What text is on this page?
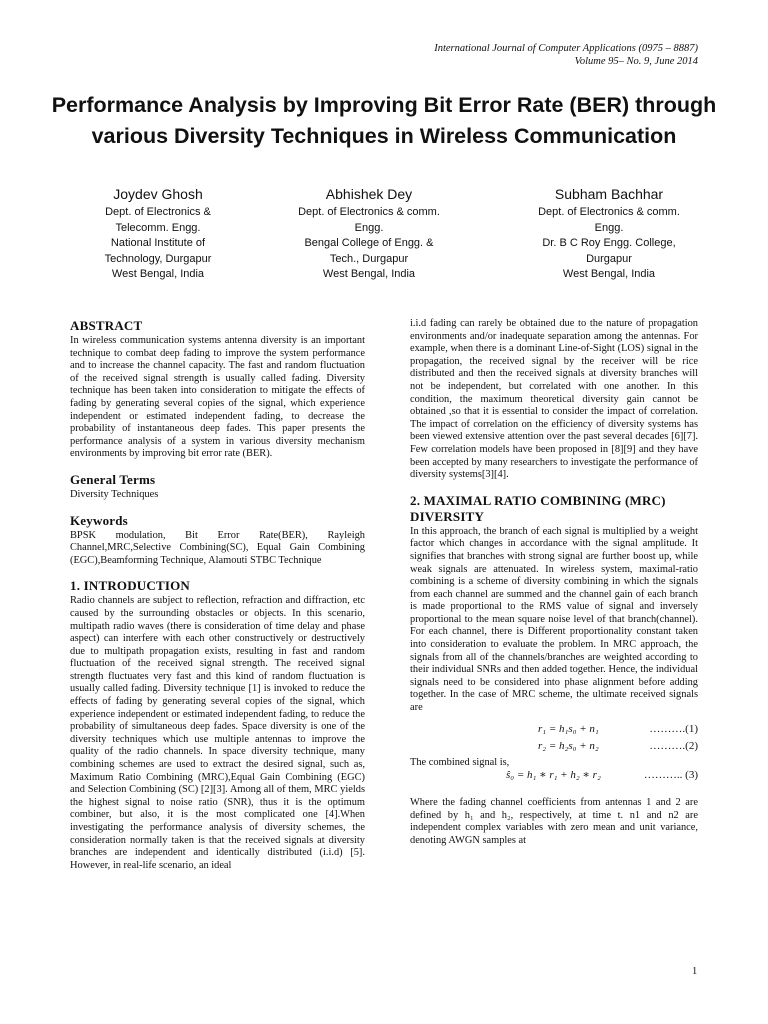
International Journal of Computer Applications (0975 – 8887)
Volume 95– No. 9, June 2014
Performance Analysis by Improving Bit Error Rate (BER) through various Diversity Techniques in Wireless Communication
Joydev Ghosh
Dept. of Electronics &
Telecomm. Engg.
National Institute of
Technology, Durgapur
West Bengal, India
Abhishek Dey
Dept. of Electronics & comm.
Engg.
Bengal College of Engg. &
Tech., Durgapur
West Bengal, India
Subham Bachhar
Dept. of Electronics & comm.
Engg.
Dr. B C Roy Engg. College,
Durgapur
West Bengal, India
ABSTRACT

In wireless communication systems antenna diversity is an important technique to combat deep fading to improve the system performance and to increase the channel capacity. The fast and random fluctuation of the received signal strength is usually called fading. Diversity technique has been taken into consideration to mitigate the effects of fading by generating several copies of the signal, which experience independent or estimated independent fading, to decrease the probability of instantaneous deep fades. This paper presents the performance analysis of a system in various diversity mechanism environments by improving bit error rate (BER).

General Terms

Diversity Techniques

Keywords

BPSK modulation, Bit Error Rate(BER), Rayleigh Channel,MRC,Selective Combining(SC), Equal Gain Combining (EGC),Beamforming Technique, Alamouti STBC Technique

1. INTRODUCTION

Radio channels are subject to reflection, refraction and diffraction, etc caused by the surrounding obstacles or objects. In this scenario, multipath radio waves (there is consideration of time delay and phase aspect) can interfere with each other constructively or destructively due to multipath propagation exists, resulting in fast and random fluctuation of the received signal strength. The received signal strength fluctuates very fast and this kind of random fluctuation is usually called fading. Diversity technique [1] is invoked to reduce the effects of fading by generating several copies of the signal, which experience independent or estimated independent fading, to reduce the probability of simultaneous deep fades. Space diversity is one of the diversity techniques which use multiple antennas to improve the quality of the radio channels. In space diversity technique, many combining schemes are used to extract the desired signal, such as, Maximum Ratio Combining (MRC),Equal Gain Combining (EGC) and Selection Combining (SC) [2][3]. Among all of them, MRC yields the highest signal to noise ratio (SNR), thus it is the optimum combiner, but also, it is the most complicated one [4].When investigating the performance analysis of diversity schemes, the consideration normally taken is that the received signals at diversity branches are independent and identically distributed (i.i.d) [5]. However, in real-life scenario, an ideal

i.i.d fading can rarely be obtained due to the nature of propagation environments and/or inadequate separation among the antennas. For example, when there is a dominant Line-of-Sight (LOS) signal in the propagation, the received signal by the receiver will be rice distributed and then the received signals at diversity branches will not be independent, but correlated with one another. In this condition, the maximum theoretical diversity gain cannot be obtained ,so that it is essential to consider the impact of correlation. The impact of correlation on the efficiency of diversity systems has been viewed extensive attention over the past several decades [6][7]. Few correlation models have been proposed in [8][9] and they have been accepted by many researchers to investigate the performance of diversity systems[3][4].

2. MAXIMAL RATIO COMBINING (MRC)
DIVERSITY

In this approach, the branch of each signal is multiplied by a weight factor which changes in accordance with the signal amplitude. It signifies that branches with strong signal are further boost up, while weak signals are attenuated. In wireless system, maximal-ratio combining is a scheme of diversity combining in which the signals from each channel are summed and the channel gain of each branch is made proportional to the RMS value of signal and inversely proportional to the mean square noise level of that branch(channel). For each channel, there is Different proportionality constant taken into consideration to evaluate the problem. In MRC approach, the signals from all of the channels/branches are weighted according to their individual SNRs and then added together. Hence, the individual signals need to be considered into phase alignment before adding together. In the case of MRC scheme, the ultimate received signals are

r₁ = h₁s₀ + n₁	……….(1)
r₂ = h₂s₀ + n₂	……….(2)

The combined signal is,

ŝ₀ = h₁ ∗ r₁ + h₂ ∗ r₂	……….. (3)

Where the fading channel coefficients from antennas 1 and 2 are defined by h₁ and h₂, respectively, at time t. n1 and n2 are independent complex variables with zero mean and unit variance, denoting AWGN samples at

1
